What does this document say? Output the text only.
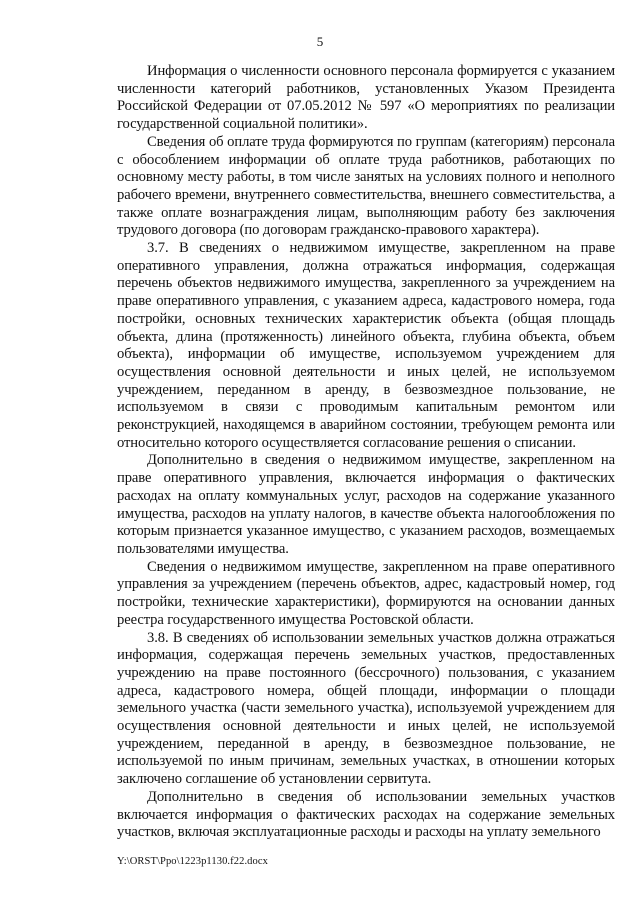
5

Информация о численности основного персонала формируется с указанием численности категорий работников, установленных Указом Президента Российской Федерации от 07.05.2012 № 597 «О мероприятиях по реализации государственной социальной политики».

Сведения об оплате труда формируются по группам (категориям) персонала с обособлением информации об оплате труда работников, работающих по основному месту работы, в том числе занятых на условиях полного и неполного рабочего времени, внутреннего совместительства, внешнего совместительства, а также оплате вознаграждения лицам, выполняющим работу без заключения трудового договора (по договорам гражданско-правового характера).

3.7. В сведениях о недвижимом имуществе, закрепленном на праве оперативного управления, должна отражаться информация, содержащая перечень объектов недвижимого имущества, закрепленного за учреждением на праве оперативного управления, с указанием адреса, кадастрового номера, года постройки, основных технических характеристик объекта (общая площадь объекта, длина (протяженность) линейного объекта, глубина объекта, объем объекта), информации об имуществе, используемом учреждением для осуществления основной деятельности и иных целей, не используемом учреждением, переданном в аренду, в безвозмездное пользование, не используемом в связи с проводимым капитальным ремонтом или реконструкцией, находящемся в аварийном состоянии, требующем ремонта или относительно которого осуществляется согласование решения о списании.

Дополнительно в сведения о недвижимом имуществе, закрепленном на праве оперативного управления, включается информация о фактических расходах на оплату коммунальных услуг, расходов на содержание указанного имущества, расходов на уплату налогов, в качестве объекта налогообложения по которым признается указанное имущество, с указанием расходов, возмещаемых пользователями имущества.

Сведения о недвижимом имуществе, закрепленном на праве оперативного управления за учреждением (перечень объектов, адрес, кадастровый номер, год постройки, технические характеристики), формируются на основании данных реестра государственного имущества Ростовской области.

3.8. В сведениях об использовании земельных участков должна отражаться информация, содержащая перечень земельных участков, предоставленных учреждению на праве постоянного (бессрочного) пользования, с указанием адреса, кадастрового номера, общей площади, информации о площади земельного участка (части земельного участка), используемой учреждением для осуществления основной деятельности и иных целей, не используемой учреждением, переданной в аренду, в безвозмездное пользование, не используемой по иным причинам, земельных участках, в отношении которых заключено соглашение об установлении сервитута.

Дополнительно в сведения об использовании земельных участков включается информация о фактических расходах на содержание земельных участков, включая эксплуатационные расходы и расходы на уплату земельного

Y:\ORST\Ppo\1223p1130.f22.docx
